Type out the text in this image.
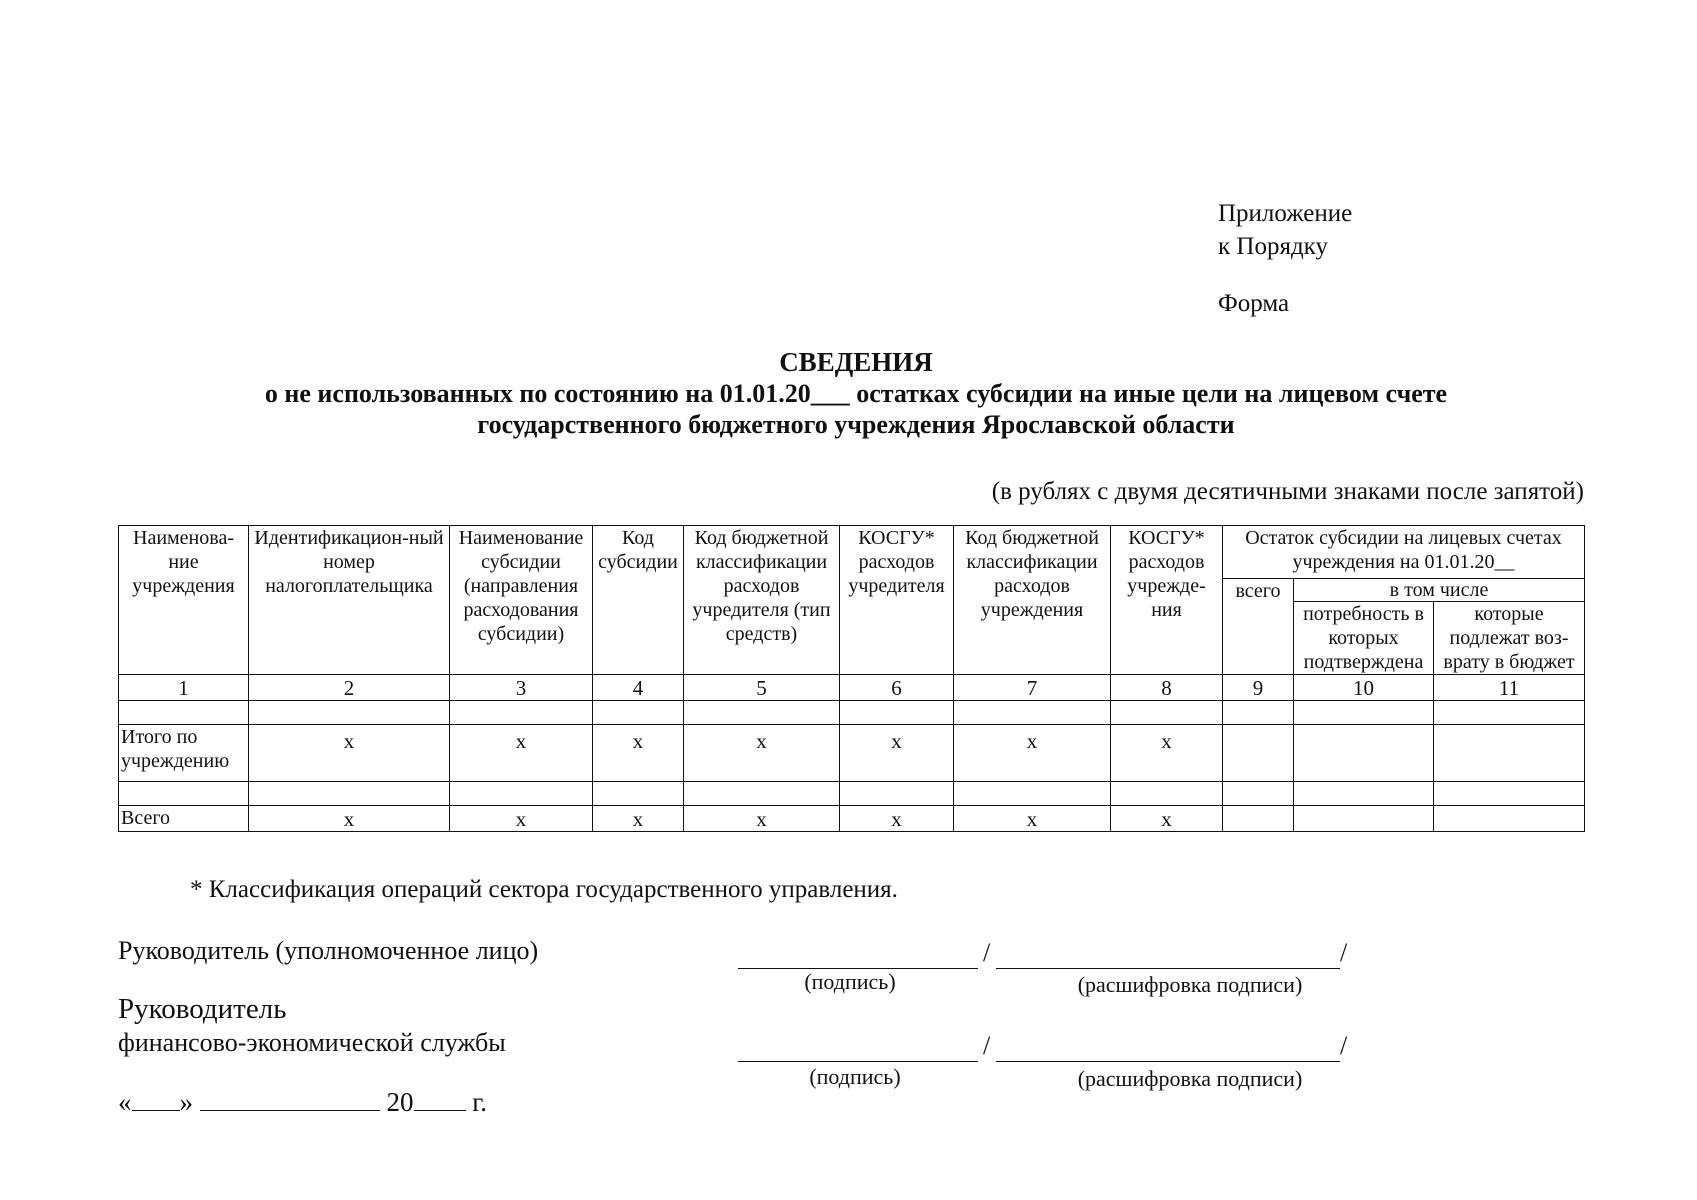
Приложение
к Порядку
Форма
СВЕДЕНИЯ
о не использованных по состоянию на 01.01.20___ остатках субсидии на иные цели на лицевом счете
государственного бюджетного учреждения Ярославской области
(в рублях с двумя десятичными знаками после запятой)
Наименова-ние учреждения	Идентификацион-ный номер налогоплательщика	Наименование субсидии (направления расходования субсидии)	Код субсидии	Код бюджетной классификации расходов учредителя (тип средств)	КОСГУ* расходов учредителя	Код бюджетной классификации расходов учреждения	КОСГУ* расходов учрежде-ния	Остаток субсидии на лицевых счетах учреждения на 01.01.20__		
								всего	в том числе	
									потребность в которых подтверждена	которые подлежат воз-врату в бюджет
1	2	3	4	5	6	7	8	9	10	11

Итого по учреждению	x	x	x	x	x	x	x			

Всего	x	x	x	x	x	x	x			
* Классификация операций сектора государственного управления.
Руководитель (уполномоченное лицо)	/	/
(подпись)	(расшифровка подписи)
Руководитель
финансово-экономической службы	/	/
(подпись)	(расшифровка подписи)
« »	20 г.
